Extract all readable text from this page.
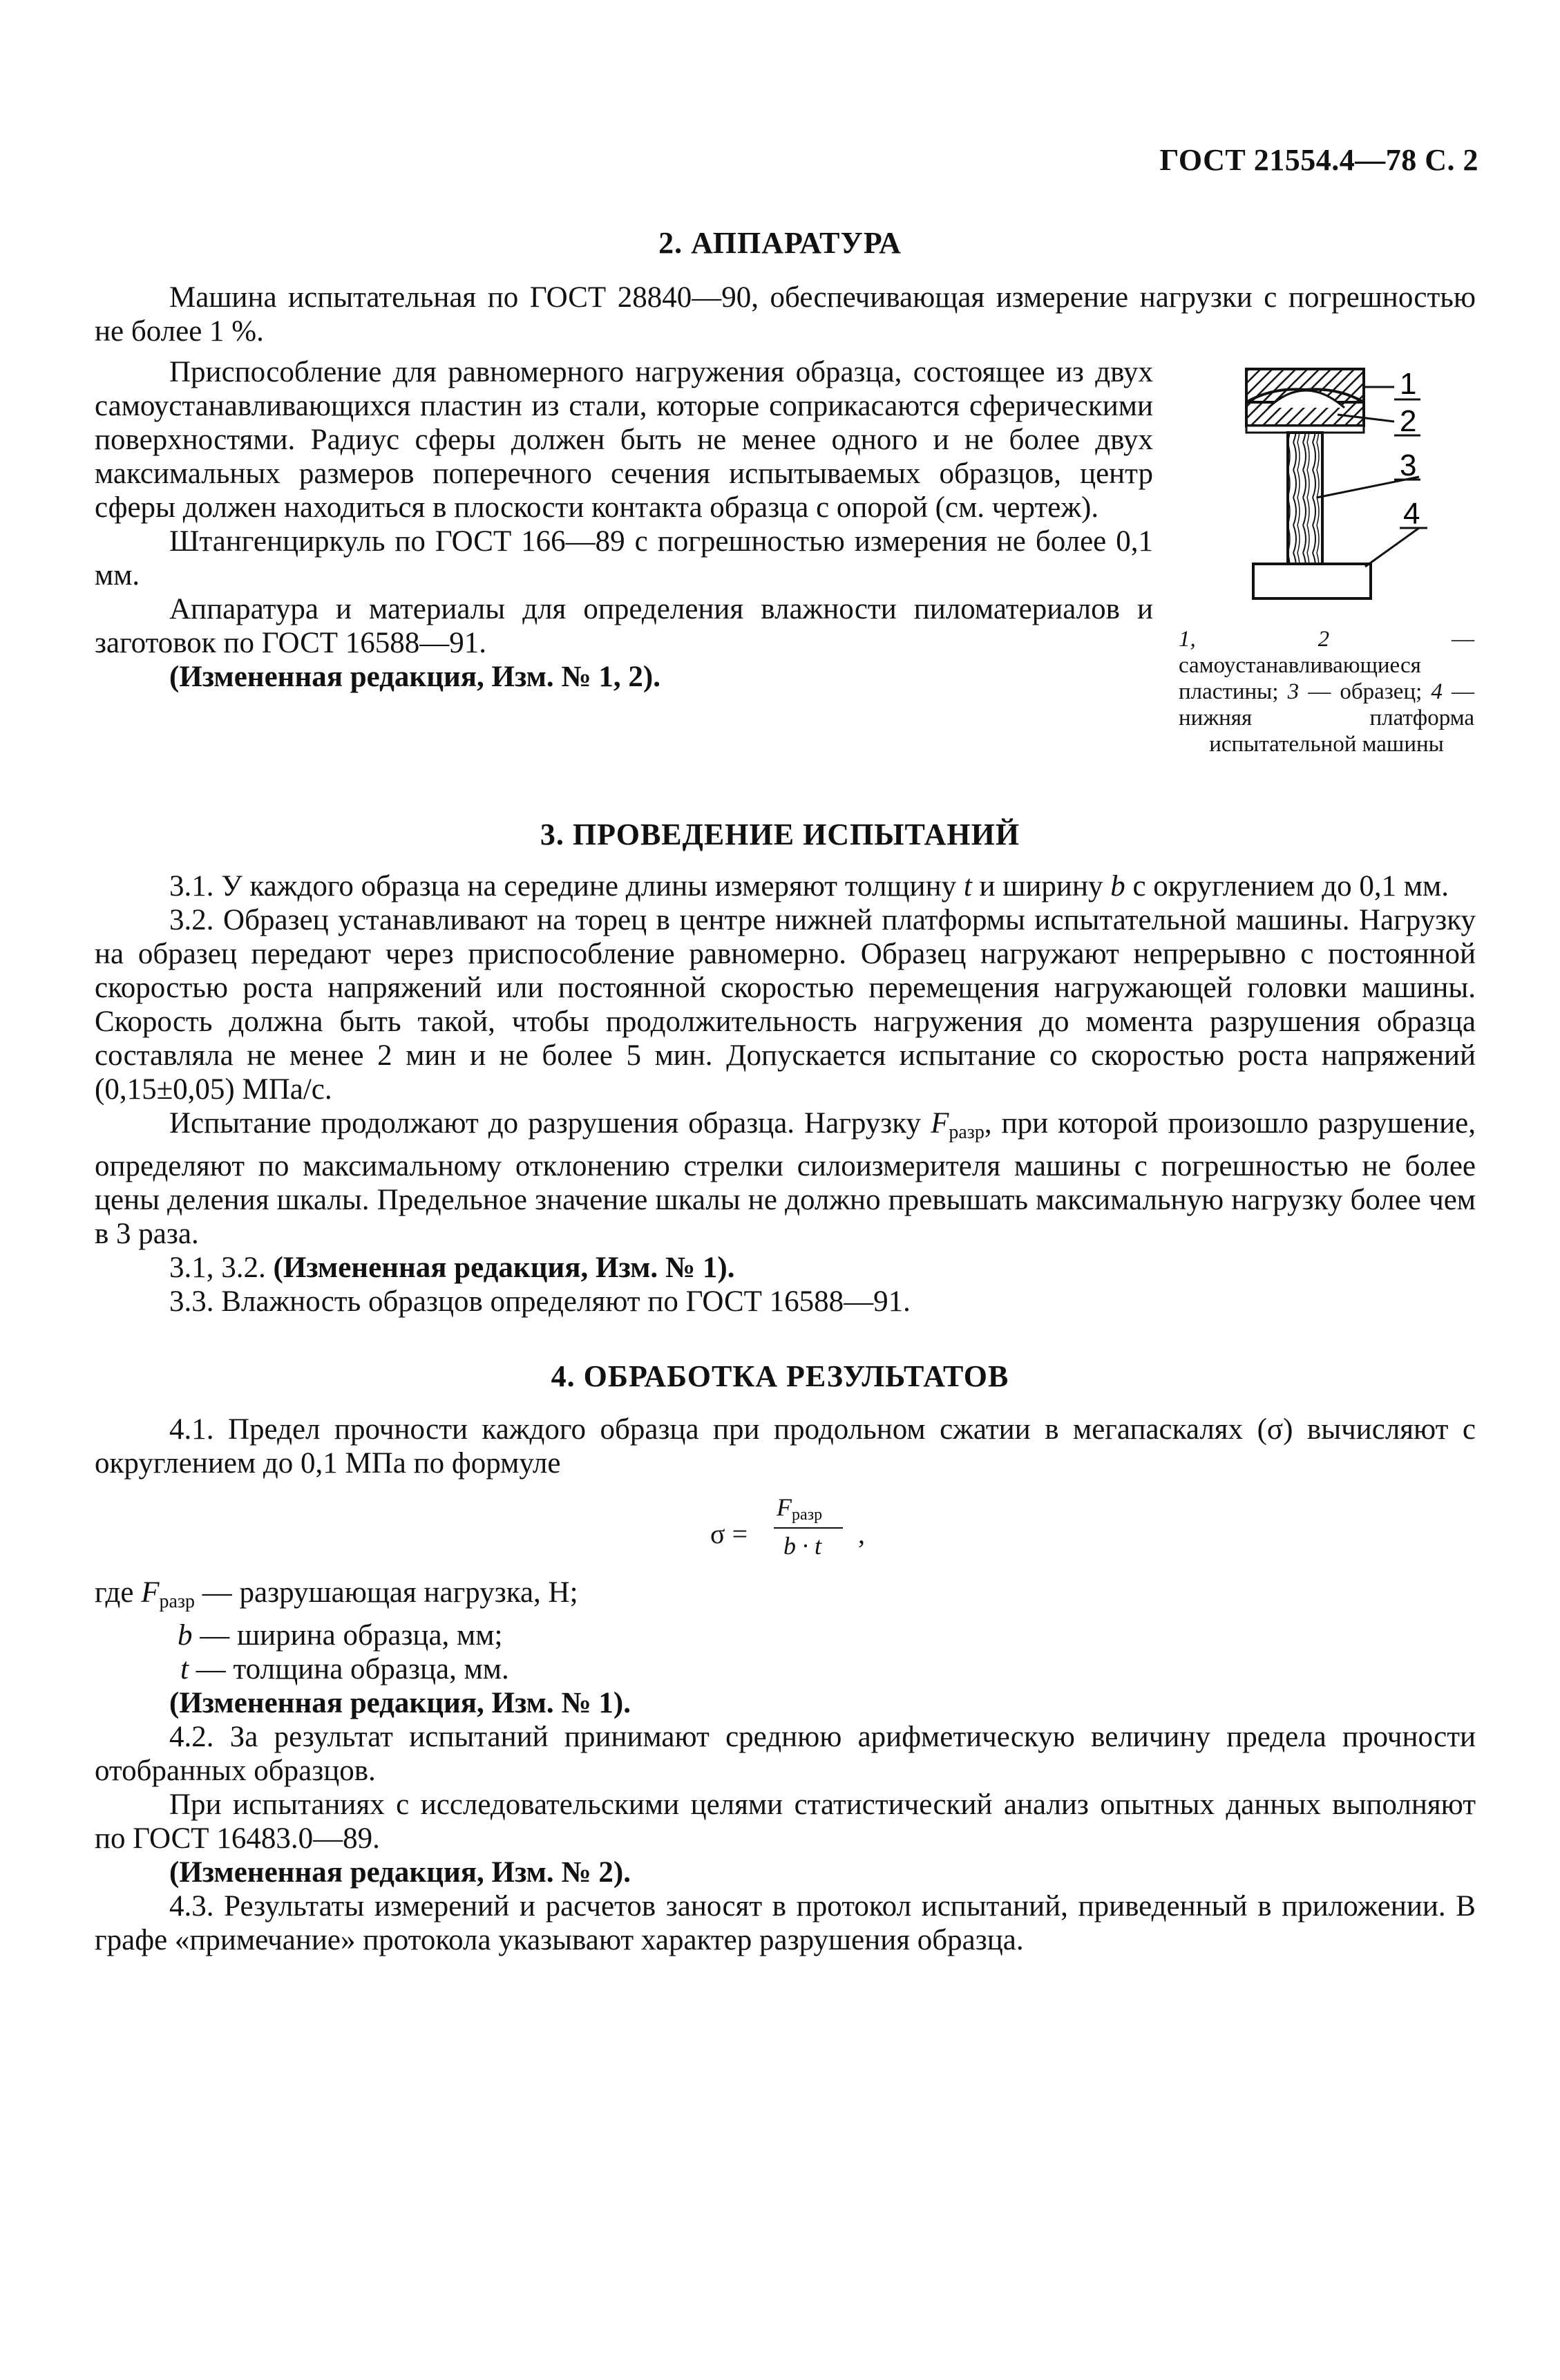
ГОСТ 21554.4—78 С. 2
2. АППАРАТУРА

Машина испытательная по ГОСТ 28840—90, обеспечивающая измерение нагрузки с погрешностью не более 1 %.

Приспособление для равномерного нагружения образца, состоящее из двух самоустанавливающихся пластин из стали, которые соприкасаются сферическими поверхностями. Радиус сферы должен быть не менее одного и не более двух максимальных размеров поперечного сечения испытываемых образцов, центр сферы должен находиться в плоскости контакта образца с опорой (см. чертеж).

Штангенциркуль по ГОСТ 166—89 с погрешностью измерения не более 0,1 мм.

Аппаратура и материалы для определения влажности пиломатериалов и заготовок по ГОСТ 16588—91.

(Измененная редакция, Изм. № 1, 2).

1
2
3
4
1, 2 — самоустанавливающиеся пластины; 3 — образец; 4 — нижняя платформа испытательной машины
3. ПРОВЕДЕНИЕ ИСПЫТАНИЙ

3.1. У каждого образца на середине длины измеряют толщину t и ширину b с округлением до 0,1 мм.

3.2. Образец устанавливают на торец в центре нижней платформы испытательной машины. Нагрузку на образец передают через приспособление равномерно. Образец нагружают непрерывно с постоянной скоростью роста напряжений или постоянной скоростью перемещения нагружающей головки машины. Скорость должна быть такой, чтобы продолжительность нагружения до момента разрушения образца составляла не менее 2 мин и не более 5 мин. Допускается испытание со скоростью роста напряжений (0,15±0,05) МПа/с.

Испытание продолжают до разрушения образца. Нагрузку $F_{разр}$, при которой произошло разрушение, определяют по максимальному отклонению стрелки силоизмерителя машины с погрешностью не более цены деления шкалы. Предельное значение шкалы не должно превышать максимальную нагрузку более чем в 3 раза.

3.1, 3.2. (Измененная редакция, Изм. № 1).

3.3. Влажность образцов определяют по ГОСТ 16588—91.

4. ОБРАБОТКА РЕЗУЛЬТАТОВ

4.1. Предел прочности каждого образца при продольном сжатии в мегапаскалях (σ) вычисляют с округлением до 0,1 МПа по формуле

σ =
Fразр
b · t ,

где $F_{разр}$ — разрушающая нагрузка, Н;

b — ширина образца, мм;

t — толщина образца, мм.

(Измененная редакция, Изм. № 1).

4.2. За результат испытаний принимают среднюю арифметическую величину предела прочности отобранных образцов.

При испытаниях с исследовательскими целями статистический анализ опытных данных выполняют по ГОСТ 16483.0—89.

(Измененная редакция, Изм. № 2).

4.3. Результаты измерений и расчетов заносят в протокол испытаний, приведенный в приложении. В графе «примечание» протокола указывают характер разрушения образца.
